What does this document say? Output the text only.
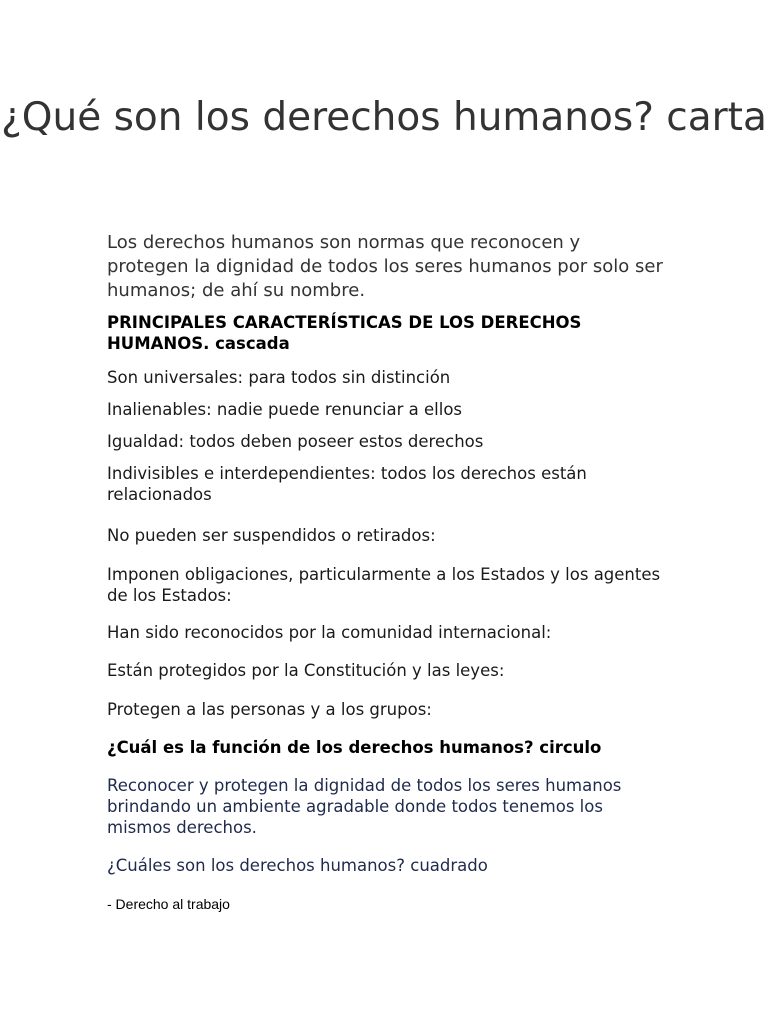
¿Qué son los derechos humanos? carta

Los derechos humanos son normas que reconocen y protegen la dignidad de todos los seres humanos por solo ser humanos; de ahí su nombre.

PRINCIPALES CARACTERÍSTICAS DE LOS DERECHOS HUMANOS. cascada

Son universales: para todos sin distinción

Inalienables: nadie puede renunciar a ellos

Igualdad: todos deben poseer estos derechos

Indivisibles e interdependientes: todos los derechos están relacionados

No pueden ser suspendidos o retirados:

Imponen obligaciones, particularmente a los Estados y los agentes de los Estados:

Han sido reconocidos por la comunidad internacional:

Están protegidos por la Constitución y las leyes:

Protegen a las personas y a los grupos:

¿Cuál es la función de los derechos humanos? circulo

Reconocer y protegen la dignidad de todos los seres humanos brindando un ambiente agradable donde todos tenemos los mismos derechos.

¿Cuáles son los derechos humanos? cuadrado

- Derecho al trabajo
